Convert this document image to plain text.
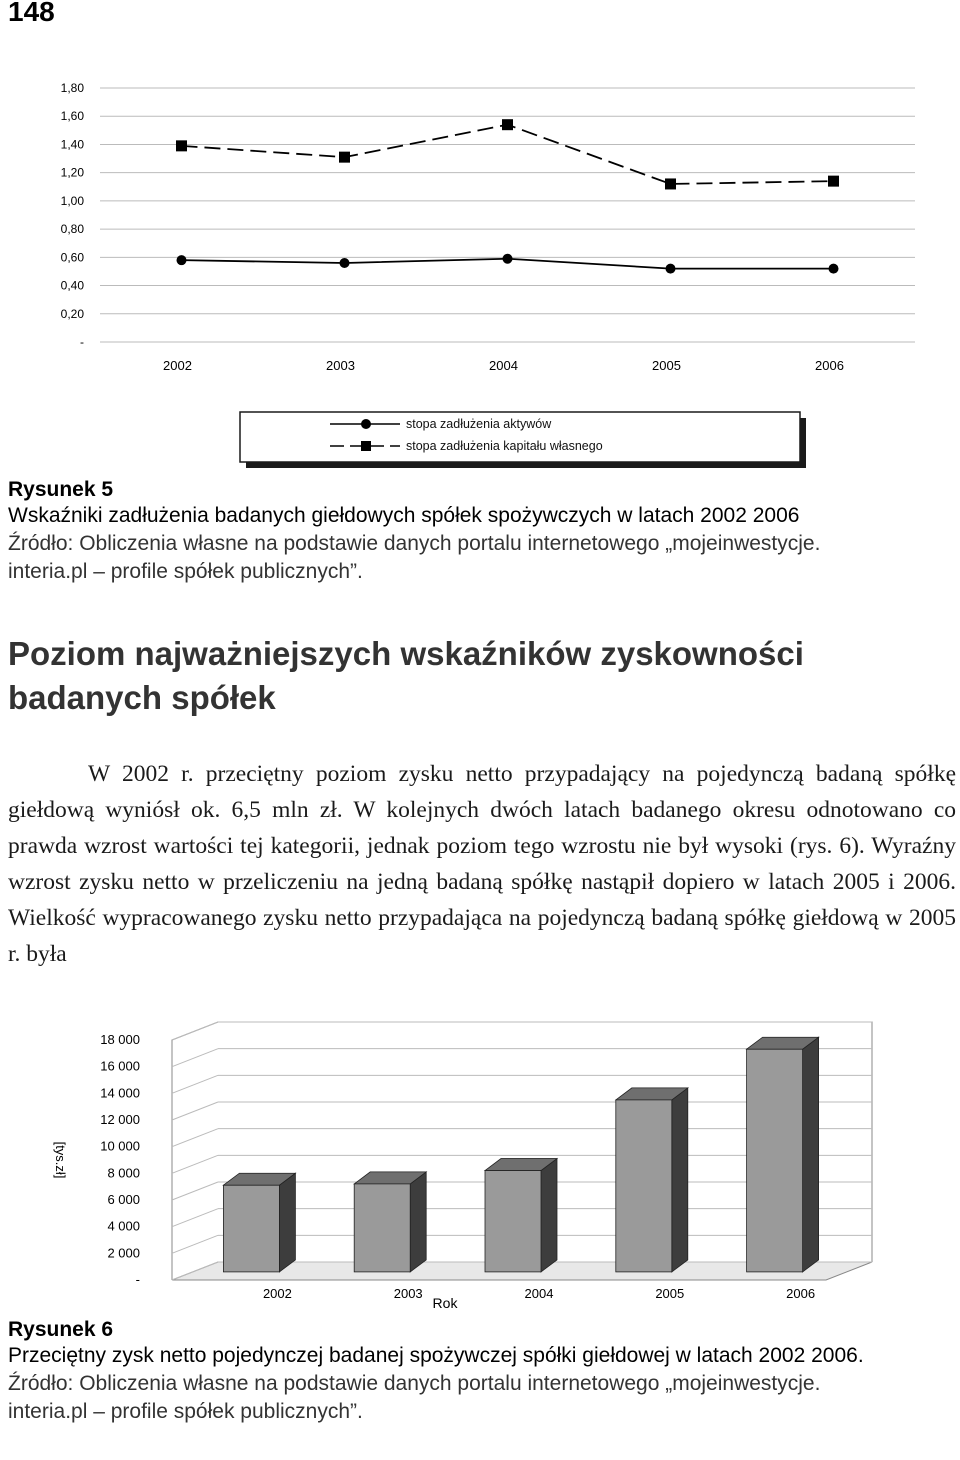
148
-
0,20
0,40
0,60
0,80
1,00
1,20
1,40
1,60
1,80
2002	2003	2004	2005	2006
stopa zadłużenia aktywów
stopa zadłużenia kapitału własnego
Rysunek 5
Wskaźniki zadłużenia badanych giełdowych spółek spożywczych w latach 2002 2006
Źródło: Obliczenia własne na podstawie danych portalu internetowego „mojeinwestycje.
interia.pl – profile spółek publicznych”.
Poziom najważniejszych wskaźników zyskowności badanych spółek

W 2002 r. przeciętny poziom zysku netto przypadający na pojedynczą badaną spółkę giełdową wyniósł ok. 6,5 mln zł. W kolejnych dwóch latach badanego okresu odnotowano co prawda wzrost wartości tej kategorii, jednak poziom tego wzrostu nie był wysoki (rys. 6). Wyraźny wzrost zysku netto w przeliczeniu na jedną badaną spółkę nastąpił dopiero w latach 2005 i 2006. Wielkość wypracowanego zysku netto przypadająca na pojedynczą badaną spółkę giełdową w 2005 r. była

-
2 000
4 000
6 000
8 000
10 000
12 000
14 000
16 000
18 000
2002	2003	2004	2005	2006
Rok
[tys.zł]
Rysunek 6
Przeciętny zysk netto pojedynczej badanej spożywczej spółki giełdowej w latach 2002 2006.
Źródło: Obliczenia własne na podstawie danych portalu internetowego „mojeinwestycje.
interia.pl – profile spółek publicznych”.
